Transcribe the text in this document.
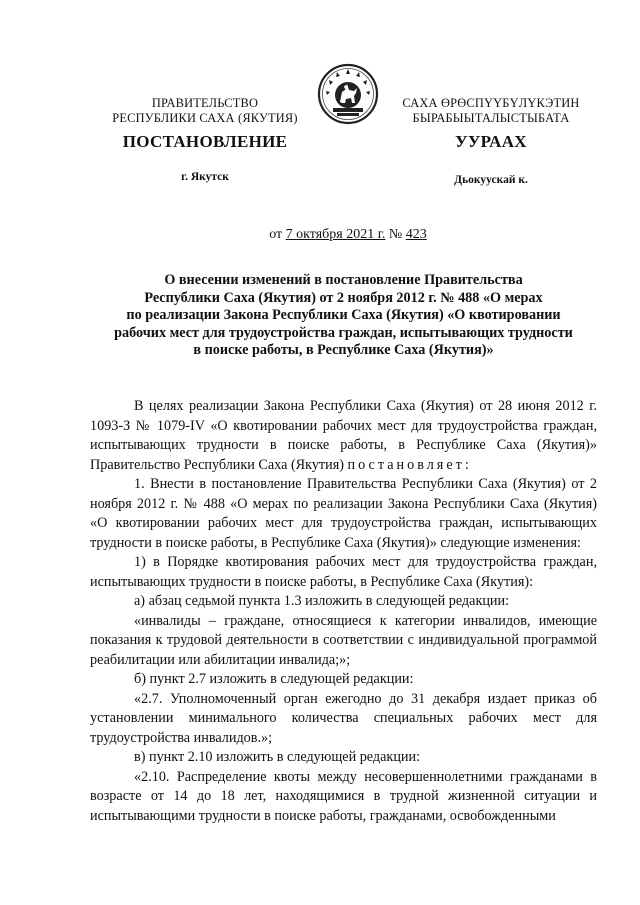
ПРАВИТЕЛЬСТВО
РЕСПУБЛИКИ САХА (ЯКУТИЯ)
САХА ӨРӨСПҮҮБҮЛҮКЭТИН
БЫРАБЫЫТАЛЫСТЫБАТА
ПОСТАНОВЛЕНИЕ	УУРААХ
г. Якутск	Дьокуускай к.
от 7 октября 2021 г. № 423
О внесении изменений в постановление Правительства
Республики Саха (Якутия) от 2 ноября 2012 г. № 488 «О мерах
по реализации Закона Республики Саха (Якутия) «О квотировании
рабочих мест для трудоустройства граждан, испытывающих трудности
в поиске работы, в Республике Саха (Якутия)»

В целях реализации Закона Республики Саха (Якутия) от 28 июня 2012 г. 1093-З № 1079-IV «О квотировании рабочих мест для трудоустройства граждан, испытывающих трудности в поиске работы, в Республике Саха (Якутия)» Правительство Республики Саха (Якутия) постановляет:

1. Внести в постановление Правительства Республики Саха (Якутия) от 2 ноября 2012 г. № 488 «О мерах по реализации Закона Республики Саха (Якутия) «О квотировании рабочих мест для трудоустройства граждан, испытывающих трудности в поиске работы, в Республике Саха (Якутия)» следующие изменения:

1) в Порядке квотирования рабочих мест для трудоустройства граждан, испытывающих трудности в поиске работы, в Республике Саха (Якутия):

а) абзац седьмой пункта 1.3 изложить в следующей редакции:

«инвалиды – граждане, относящиеся к категории инвалидов, имеющие показания к трудовой деятельности в соответствии с индивидуальной программой реабилитации или абилитации инвалида;»;

б) пункт 2.7 изложить в следующей редакции:

«2.7. Уполномоченный орган ежегодно до 31 декабря издает приказ об установлении минимального количества специальных рабочих мест для трудоустройства инвалидов.»;

в) пункт 2.10 изложить в следующей редакции:

«2.10. Распределение квоты между несовершеннолетними гражданами в возрасте от 14 до 18 лет, находящимися в трудной жизненной ситуации и испытывающими трудности в поиске работы, гражданами, освобожденными
